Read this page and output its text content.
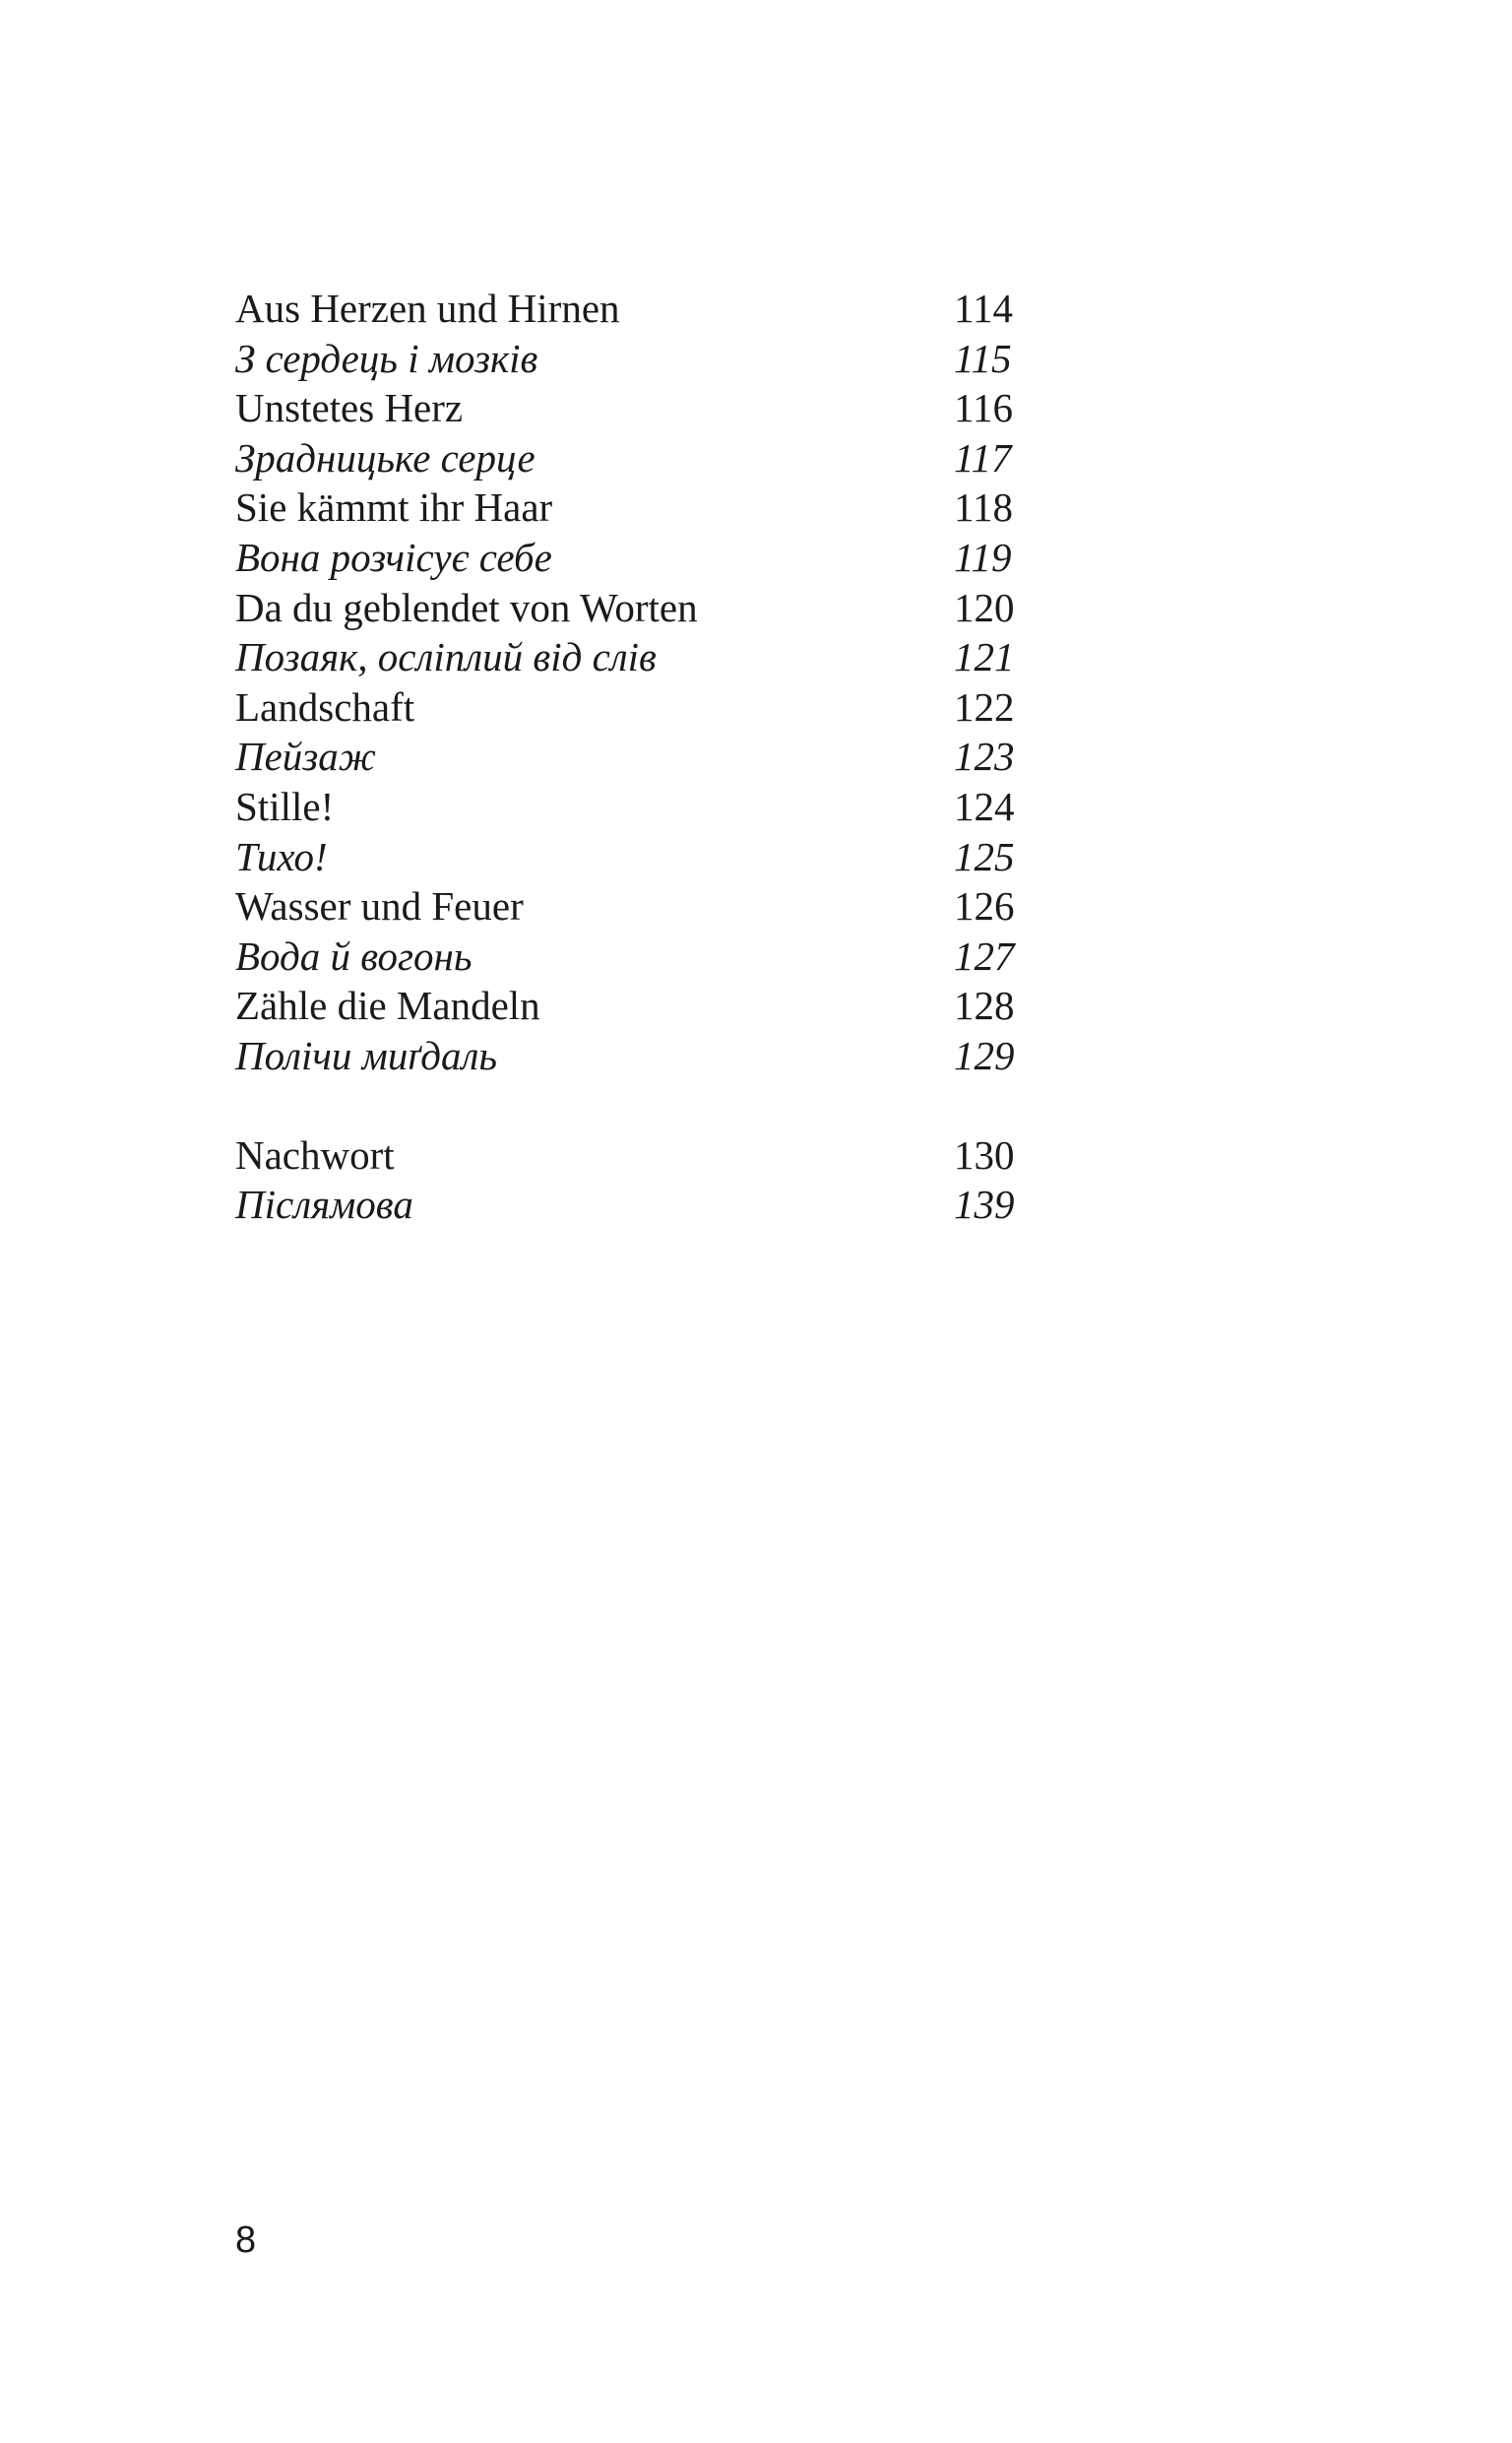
Aus Herzen und Hirnen	114
З сердець і мозків	115
Unstetes Herz	116
Зрадницьке серце	117
Sie kämmt ihr Haar	118
Вона розчісує себе	119
Da du geblendet von Worten	120
Позаяк, осліплий від слів	121
Landschaft	122
Пейзаж	123
Stille!	124
Тихо!	125
Wasser und Feuer	126
Вода й вогонь	127
Zähle die Mandeln	128
Полічи миґдаль	129
Nachwort	130
Післямова	139
8
